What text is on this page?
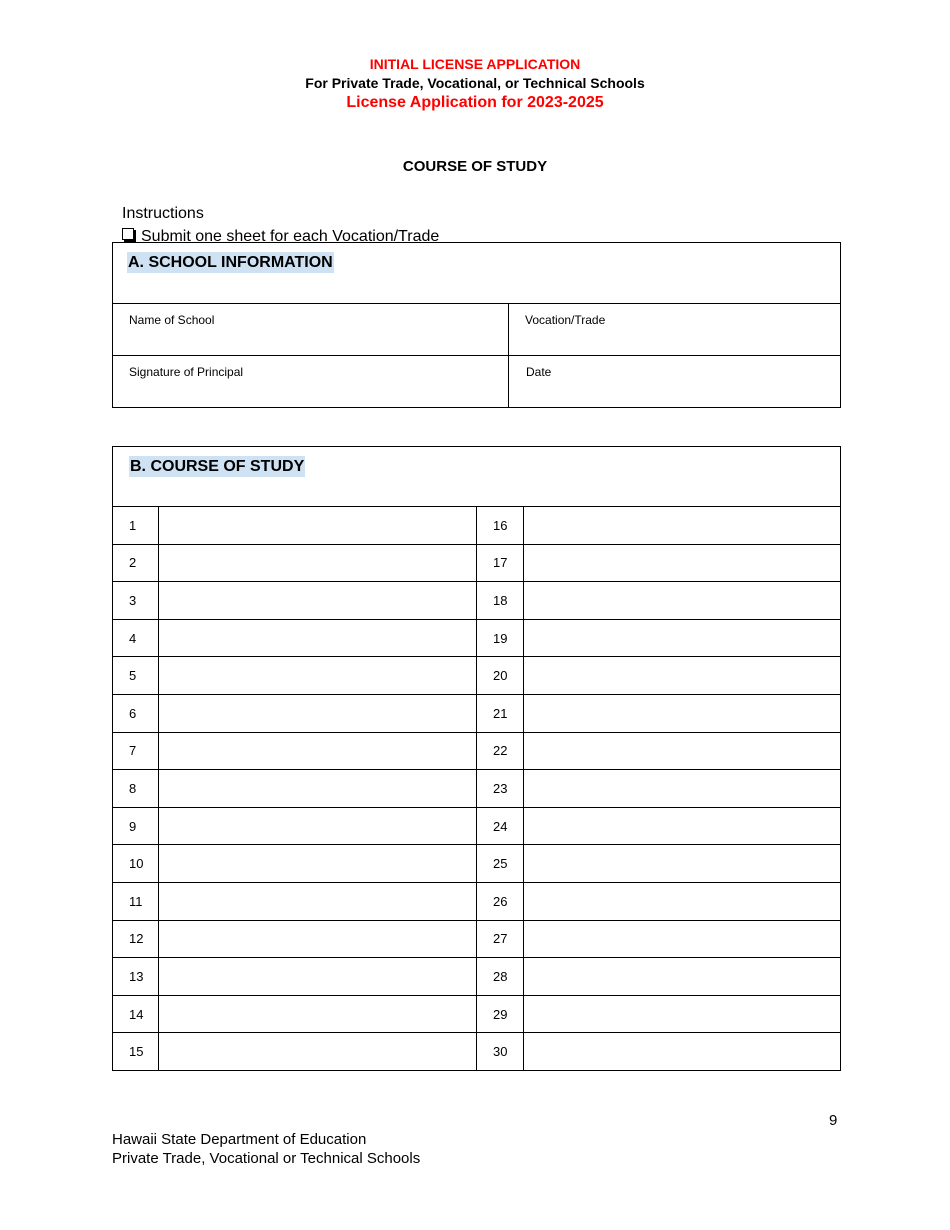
INITIAL LICENSE APPLICATION
For Private Trade, Vocational, or Technical Schools
License Application for 2023-2025
COURSE OF STUDY
Instructions
Submit one sheet for each Vocation/Trade
A. SCHOOL INFORMATION	

Name of School	Vocation/Trade

Signature of Principal	Date
B. COURSE OF STUDY			
1		16	
2		17	
3		18	
4		19	
5		20	
6		21	
7		22	
8		23	
9		24	
10		25	
11		26	
12		27	
13		28	
14		29	
15		30	
9
Hawaii State Department of Education
Private Trade, Vocational or Technical Schools
